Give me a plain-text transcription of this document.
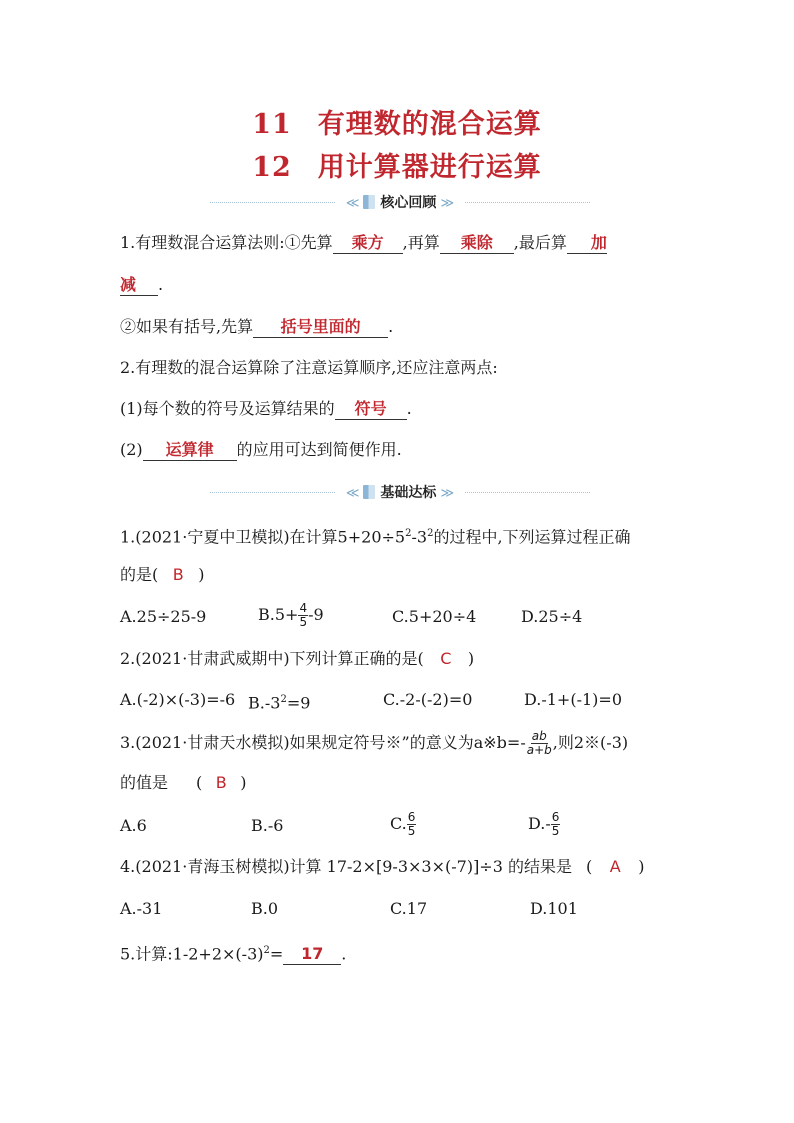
11 有理数的混合运算
12 用计算器进行运算
≪ 核心回顾 ≫
1.有理数混合运算法则:①先算 乘方 ,再算 乘除 ,最后算 加
减 .
②如果有括号,先算 括号里面的 .
2.有理数的混合运算除了注意运算顺序,还应注意两点:
(1)每个数的符号及运算结果的 符号 .
(2) 运算律 的应用可达到简便作用.
≪ 基础达标 ≫
1.(2021·宁夏中卫模拟)在计算$5+20\div 5^2-3^2$的过程中,下列运算过程正确
的是( B )
A.25÷25-9	$B.5+ \frac{4}{5} -9$	C.5+20÷4	D.25÷4
2.(2021·甘肃武威期中)下列计算正确的是( C )
A.(-2)×(-3)=-6 $B.-3^2=9$	C.-2-(-2)=0	D.-1+(-1)=0
3.(2021·甘肃天水模拟)如果规定符号※”的意义为a※b=- $\frac{ab}{a+b}$ ,则2※(-3)
的值是 ( B )
A.6	B.-6	C. $\frac{6}{5}$	$D.- \frac{6}{5}$
4.(2021·青海玉树模拟)计算 17-2×[9-3×3×(-7)]÷3 的结果是 ( A )
A.-31	B.0	C.17	D.101
5.计算$:1-2+2\times(-3)^2= 17$ .
